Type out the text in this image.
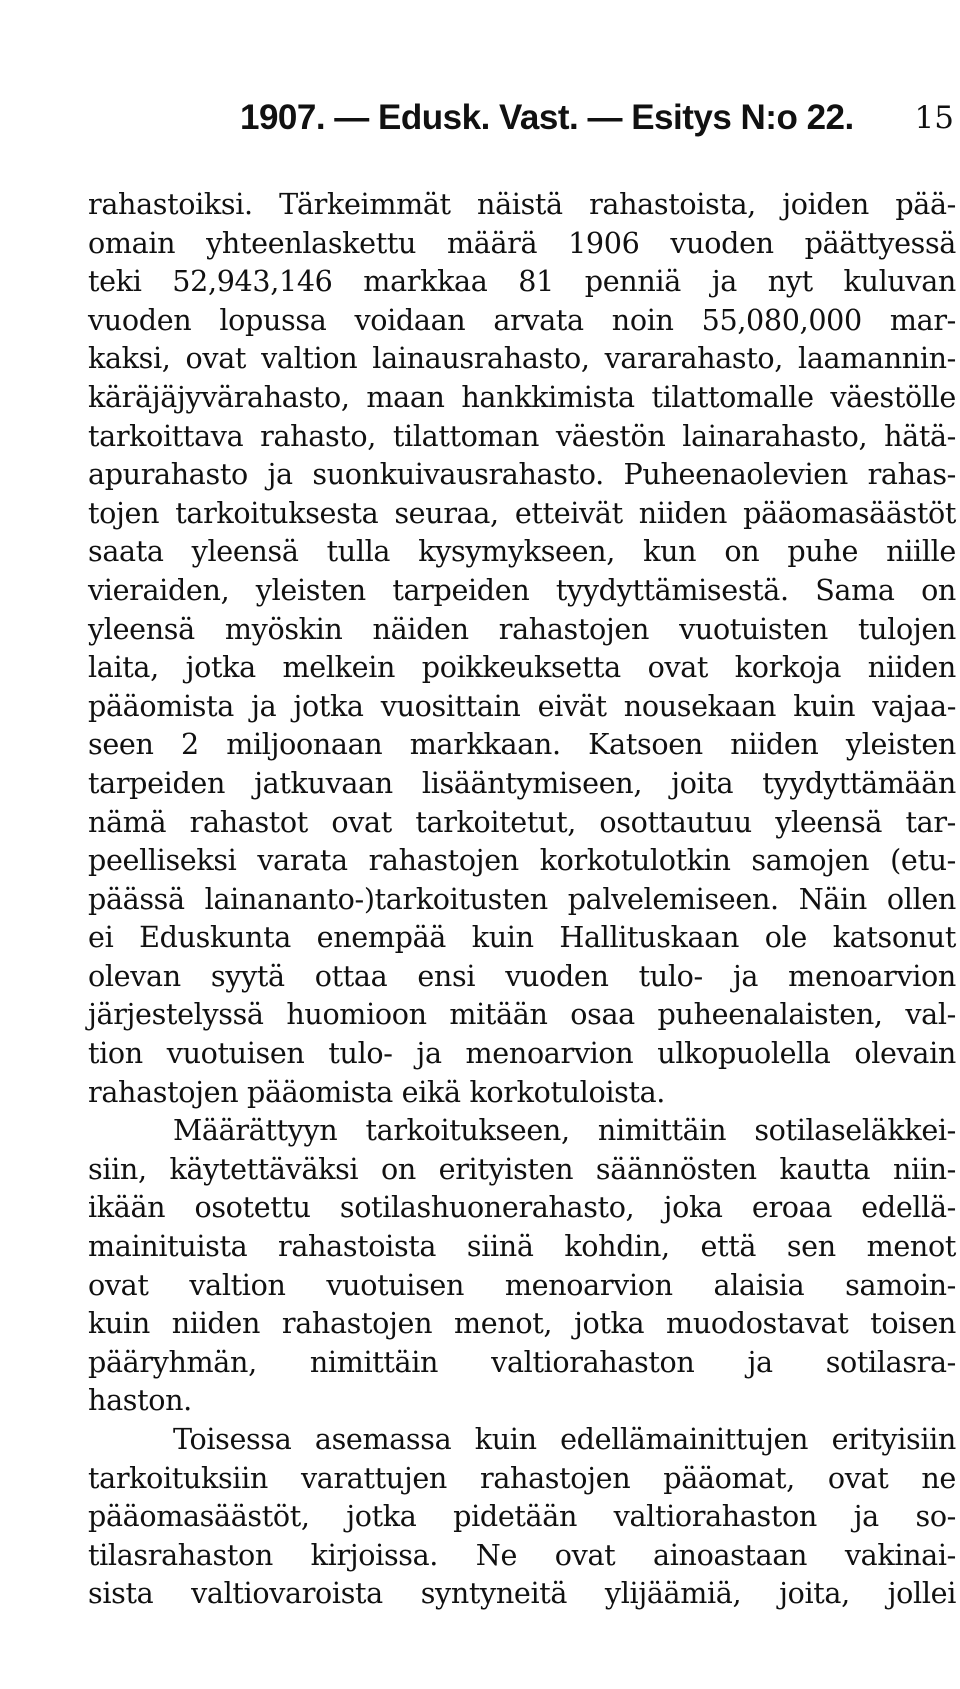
1907. — Edusk. Vast. — Esitys N:o 22. 15
rahastoiksi. Tärkeimmät näistä rahastoista, joiden pää-
omain yhteenlaskettu määrä 1906 vuoden päättyessä
teki 52,943,146 markkaa 81 penniä ja nyt kuluvan
vuoden lopussa voidaan arvata noin 55,080,000 mar-
kaksi, ovat valtion lainausrahasto, vararahasto, laamannin-
käräjäjyvärahasto, maan hankkimista tilattomalle väestölle
tarkoittava rahasto, tilattoman väestön lainarahasto, hätä-
apurahasto ja suonkuivausrahasto. Puheenaolevien rahas-
tojen tarkoituksesta seuraa, etteivät niiden pääomasäästöt
saata yleensä tulla kysymykseen, kun on puhe niille
vieraiden, yleisten tarpeiden tyydyttämisestä. Sama on
yleensä myöskin näiden rahastojen vuotuisten tulojen
laita, jotka melkein poikkeuksetta ovat korkoja niiden
pääomista ja jotka vuosittain eivät nousekaan kuin vajaa-
seen 2 miljoonaan markkaan. Katsoen niiden yleisten
tarpeiden jatkuvaan lisääntymiseen, joita tyydyttämään
nämä rahastot ovat tarkoitetut, osottautuu yleensä tar-
peelliseksi varata rahastojen korkotulotkin samojen (etu-
päässä lainananto-)tarkoitusten palvelemiseen. Näin ollen
ei Eduskunta enempää kuin Hallituskaan ole katsonut
olevan syytä ottaa ensi vuoden tulo- ja menoarvion
järjestelyssä huomioon mitään osaa puheenalaisten, val-
tion vuotuisen tulo- ja menoarvion ulkopuolella olevain
rahastojen pääomista eikä korkotuloista.
Määrättyyn tarkoitukseen, nimittäin sotilaseläkkei-
siin, käytettäväksi on erityisten säännösten kautta niin-
ikään osotettu sotilashuonerahasto, joka eroaa edellä-
mainituista rahastoista siinä kohdin, että sen menot
ovat valtion vuotuisen menoarvion alaisia samoin-
kuin niiden rahastojen menot, jotka muodostavat toisen
pääryhmän, nimittäin valtiorahaston ja sotilasra-
haston.
Toisessa asemassa kuin edellämainittujen erityisiin
tarkoituksiin varattujen rahastojen pääomat, ovat ne
pääomasäästöt, jotka pidetään valtiorahaston ja so-
tilasrahaston kirjoissa. Ne ovat ainoastaan vakinai-
sista valtiovaroista syntyneitä ylijäämiä, joita, jollei
